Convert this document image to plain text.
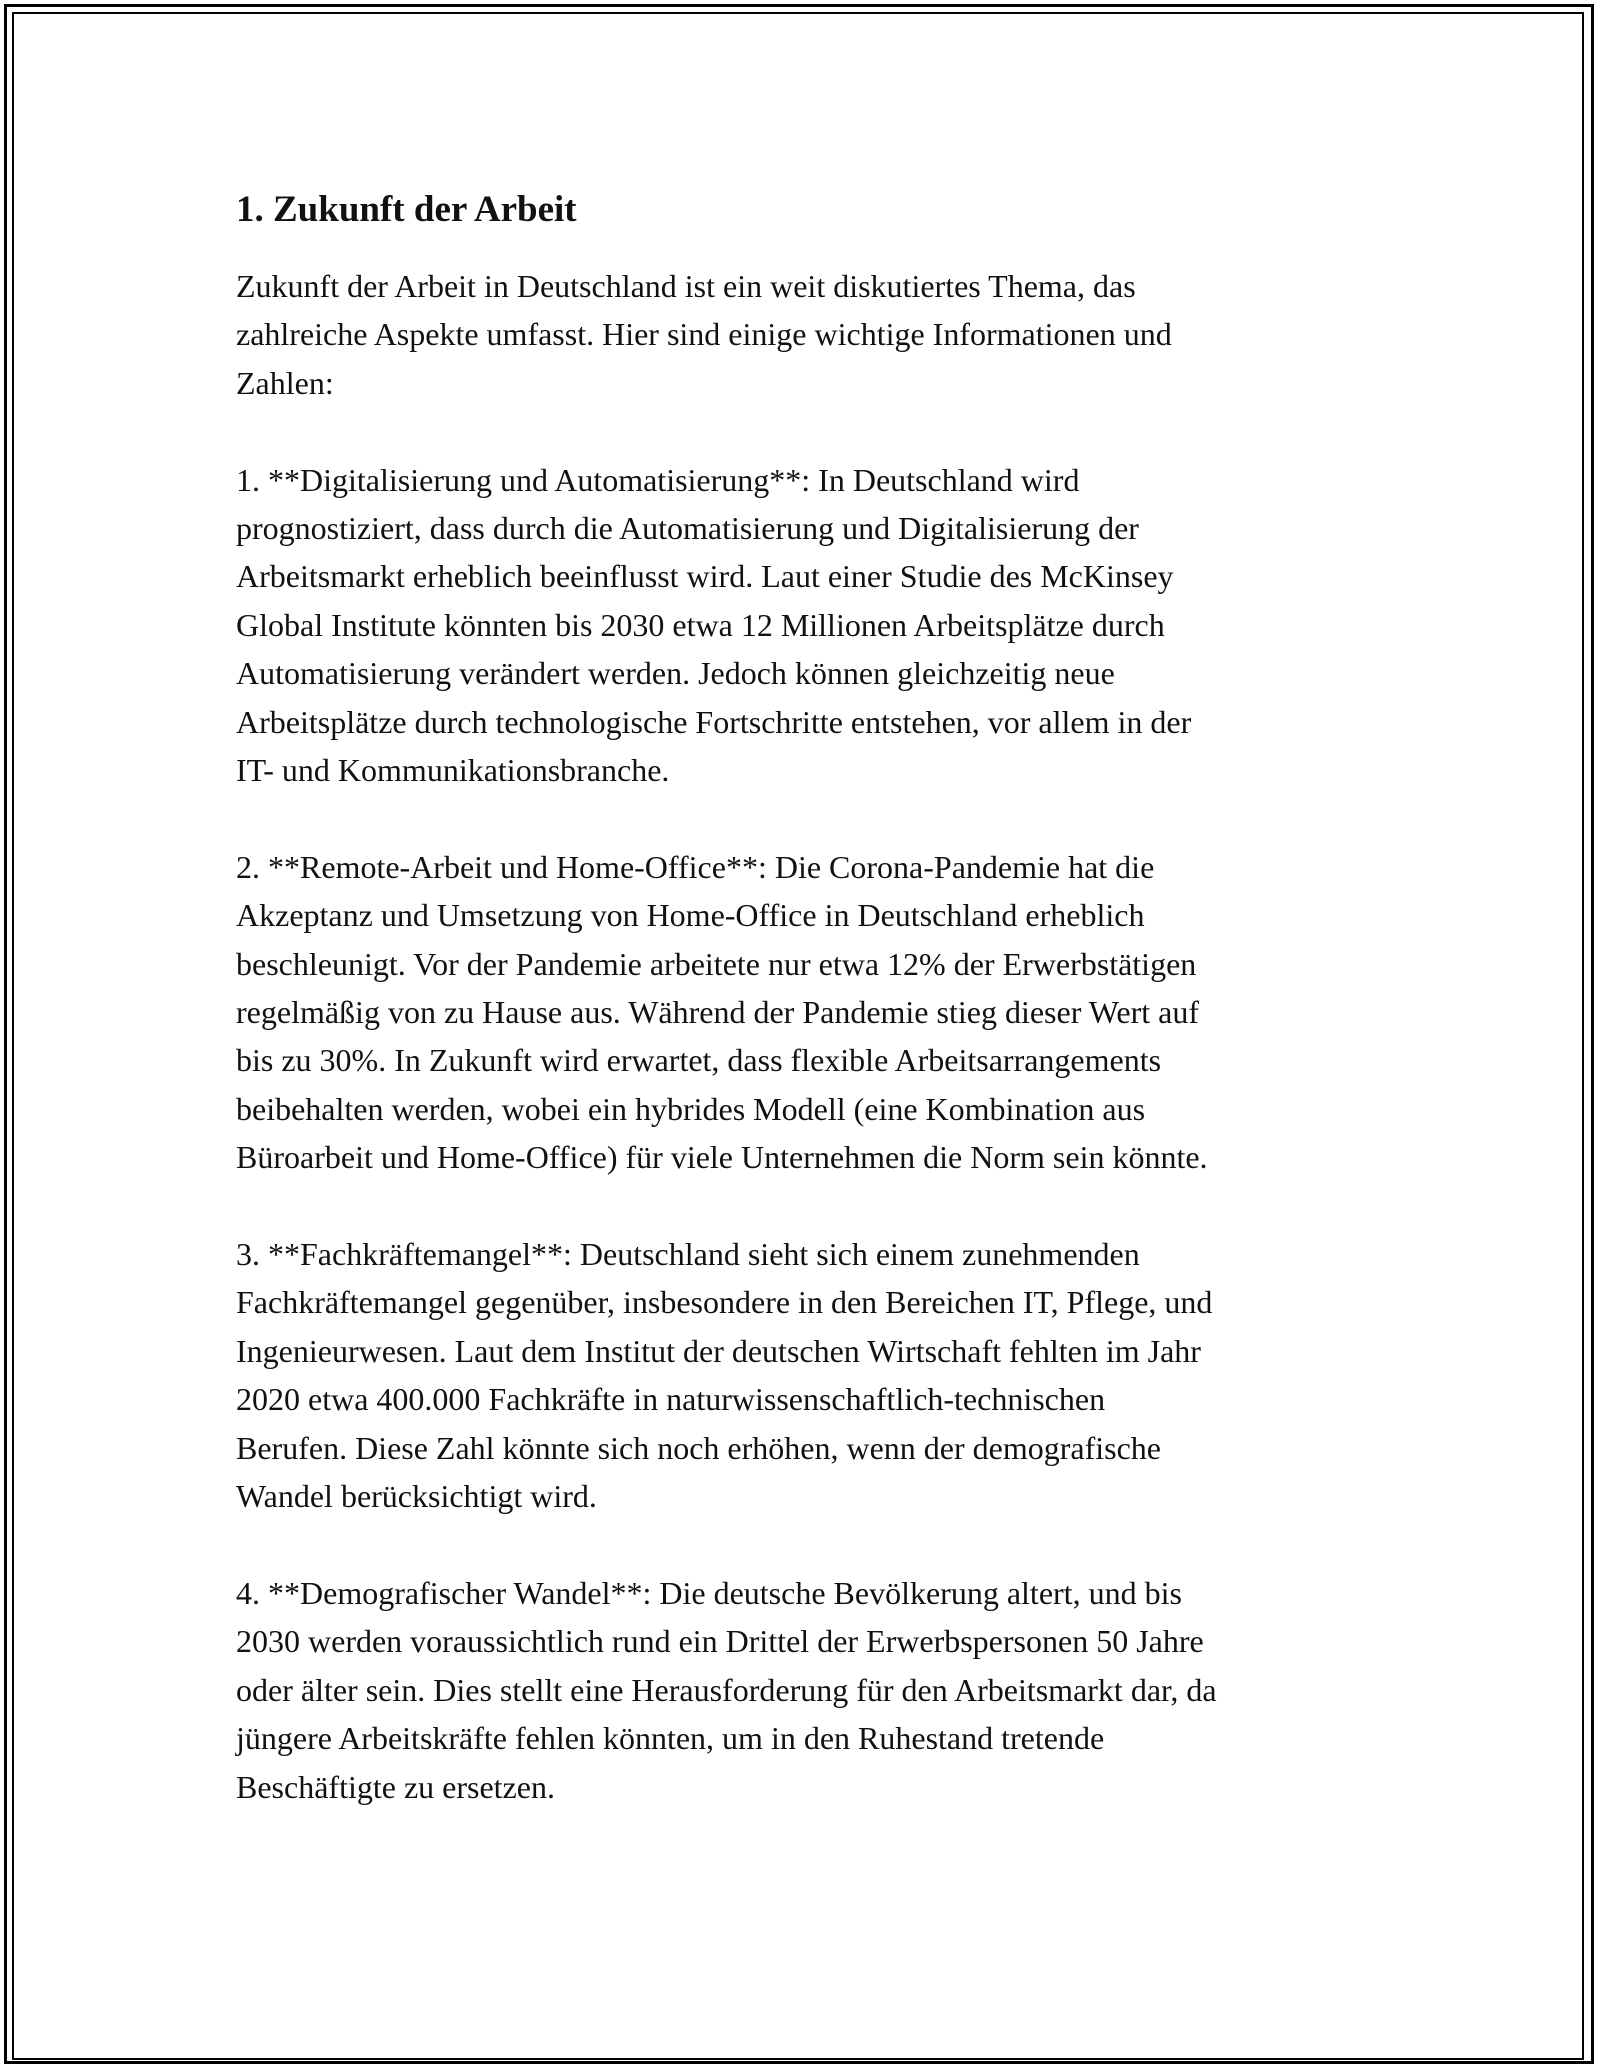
1. Zukunft der Arbeit

Zukunft der Arbeit in Deutschland ist ein weit diskutiertes Thema, das
zahlreiche Aspekte umfasst. Hier sind einige wichtige Informationen und
Zahlen:

1. **Digitalisierung und Automatisierung**: In Deutschland wird
prognostiziert, dass durch die Automatisierung und Digitalisierung der
Arbeitsmarkt erheblich beeinflusst wird. Laut einer Studie des McKinsey
Global Institute könnten bis 2030 etwa 12 Millionen Arbeitsplätze durch
Automatisierung verändert werden. Jedoch können gleichzeitig neue
Arbeitsplätze durch technologische Fortschritte entstehen, vor allem in der
IT- und Kommunikationsbranche.

2. **Remote-Arbeit und Home-Office**: Die Corona-Pandemie hat die
Akzeptanz und Umsetzung von Home-Office in Deutschland erheblich
beschleunigt. Vor der Pandemie arbeitete nur etwa 12% der Erwerbstätigen
regelmäßig von zu Hause aus. Während der Pandemie stieg dieser Wert auf
bis zu 30%. In Zukunft wird erwartet, dass flexible Arbeitsarrangements
beibehalten werden, wobei ein hybrides Modell (eine Kombination aus
Büroarbeit und Home-Office) für viele Unternehmen die Norm sein könnte.

3. **Fachkräftemangel**: Deutschland sieht sich einem zunehmenden
Fachkräftemangel gegenüber, insbesondere in den Bereichen IT, Pflege, und
Ingenieurwesen. Laut dem Institut der deutschen Wirtschaft fehlten im Jahr
2020 etwa 400.000 Fachkräfte in naturwissenschaftlich-technischen
Berufen. Diese Zahl könnte sich noch erhöhen, wenn der demografische
Wandel berücksichtigt wird.

4. **Demografischer Wandel**: Die deutsche Bevölkerung altert, und bis
2030 werden voraussichtlich rund ein Drittel der Erwerbspersonen 50 Jahre
oder älter sein. Dies stellt eine Herausforderung für den Arbeitsmarkt dar, da
jüngere Arbeitskräfte fehlen könnten, um in den Ruhestand tretende
Beschäftigte zu ersetzen.
